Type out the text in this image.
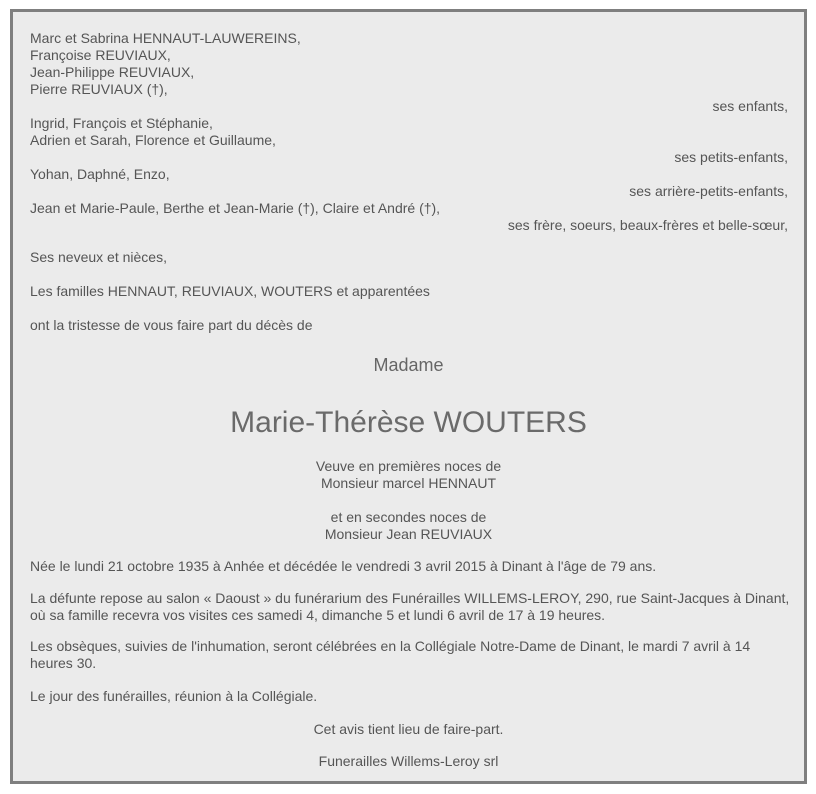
Marc et Sabrina HENNAUT-LAUWEREINS,
Françoise REUVIAUX,
Jean-Philippe REUVIAUX,
Pierre REUVIAUX (†),
ses enfants,
Ingrid, François et Stéphanie,
Adrien et Sarah, Florence et Guillaume,
ses petits-enfants,
Yohan, Daphné, Enzo,
ses arrière-petits-enfants,
Jean et Marie-Paule, Berthe et Jean-Marie (†), Claire et André (†),
ses frère, soeurs, beaux-frères et belle-sœur,
Ses neveux et nièces,
Les familles HENNAUT, REUVIAUX, WOUTERS et apparentées
ont la tristesse de vous faire part du décès de
Madame
Marie-Thérèse WOUTERS
Veuve en premières noces de
Monsieur marcel HENNAUT
et en secondes noces de
Monsieur Jean REUVIAUX
Née le lundi 21 octobre 1935 à Anhée et décédée le vendredi 3 avril 2015 à Dinant à l'âge de 79 ans.
La défunte repose au salon « Daoust » du funérarium des Funérailles WILLEMS-LEROY, 290, rue Saint-Jacques à Dinant, où sa famille recevra vos visites ces samedi 4, dimanche 5 et lundi 6 avril de 17 à 19 heures.
Les obsèques, suivies de l'inhumation, seront célébrées en la Collégiale Notre-Dame de Dinant, le mardi 7 avril à 14 heures 30.
Le jour des funérailles, réunion à la Collégiale.
Cet avis tient lieu de faire-part.
Funerailles Willems-Leroy srl
